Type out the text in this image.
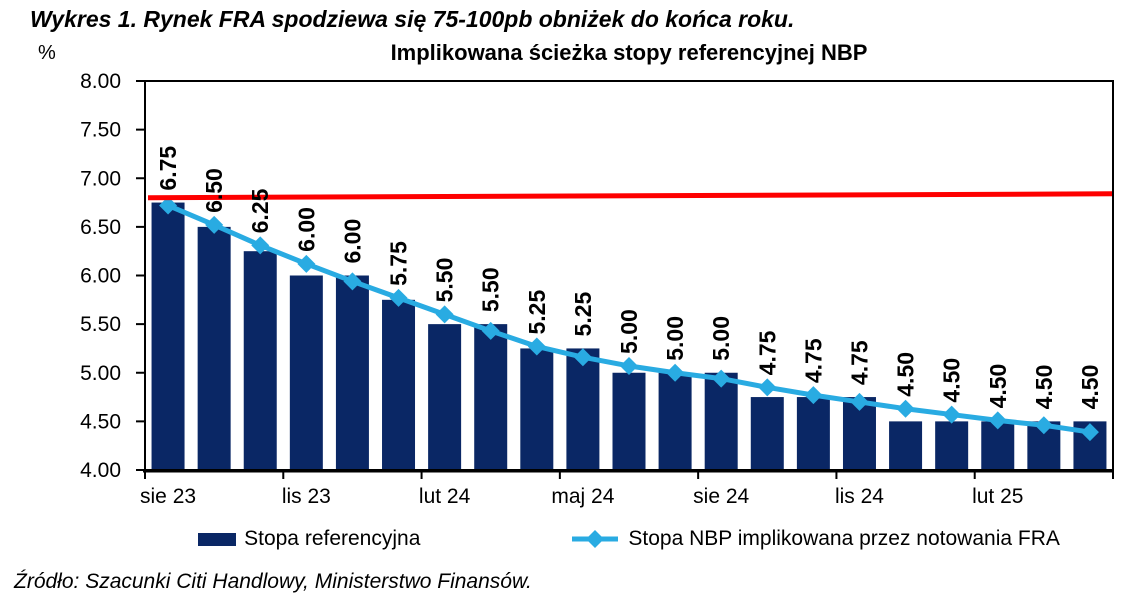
Wykres 1. Rynek FRA spodziewa się 75-100pb obniżek do końca roku.
%	Implikowana ścieżka stopy referencyjnej NBP
6.75 6.50 6.25 6.00 6.00 5.75 5.50 5.50 5.25 5.25 5.00 5.00 5.00 4.75 4.75 4.75 4.50 4.50 4.50 4.50 4.50
8.00
7.50
7.00
6.50
6.00
5.50
5.00
4.50
4.00
sie 23	lis 23	lut 24	maj 24	sie 24	lis 24	lut 25
Stopa referencyjna	Stopa NBP implikowana przez notowania FRA
Źródło: Szacunki Citi Handlowy, Ministerstwo Finansów.
